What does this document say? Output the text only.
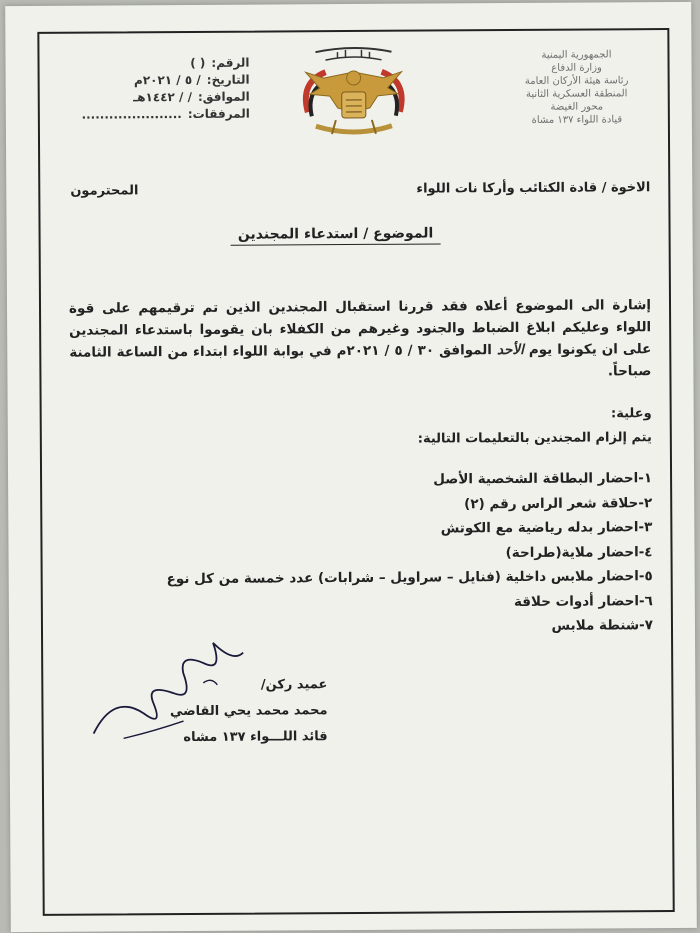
الجمهورية اليمنية
وزارة الدفاع
رئاسة هيئة الأركان العامة
المنطقة العسكرية الثانية
محور الغيضة
قيادة اللواء ١٣٧ مشاة
الرقم:
( )
التاريخ:
/ ٥ / ٢٠٢١م
الموافق:
/ / ١٤٤٢هـ
المرفقات:
......................
الاخوة / قادة الكتائب وأركا نات اللواء
المحترمون
الموضوع / استدعاء المجندين

إشارة الى الموضوع أعلاه فقد قررنا استقبال المجندين الذين تم ترقيمهم على قوة اللواء وعليكم ابلاغ الضباط والجنود وغيرهم من الكفلاء بان يقوموا باستدعاء المجندين على ان يكونوا يوم الأحد الموافق ٣٠ / ٥ / ٢٠٢١م في بوابة اللواء ابتداء من الساعة الثامنة صباحاً.

وعلية:
يتم إلزام المجندين بالتعليمات التالية:
١-احضار البطاقة الشخصية الأصل
٢-حلاقة شعر الراس رقم (٢)
٣-احضار بدله رياضية مع الكوتش
٤-احضار ملاية(طراحة)
٥-احضار ملابس داخلية (فنايل – سراويل – شرابات) عدد خمسة من كل نوع
٦-احضار أدوات حلاقة
٧-شنطة ملابس
عميد ركن/
محمد محمد يحي القاضي
قائد اللـــواء ١٣٧ مشاه
